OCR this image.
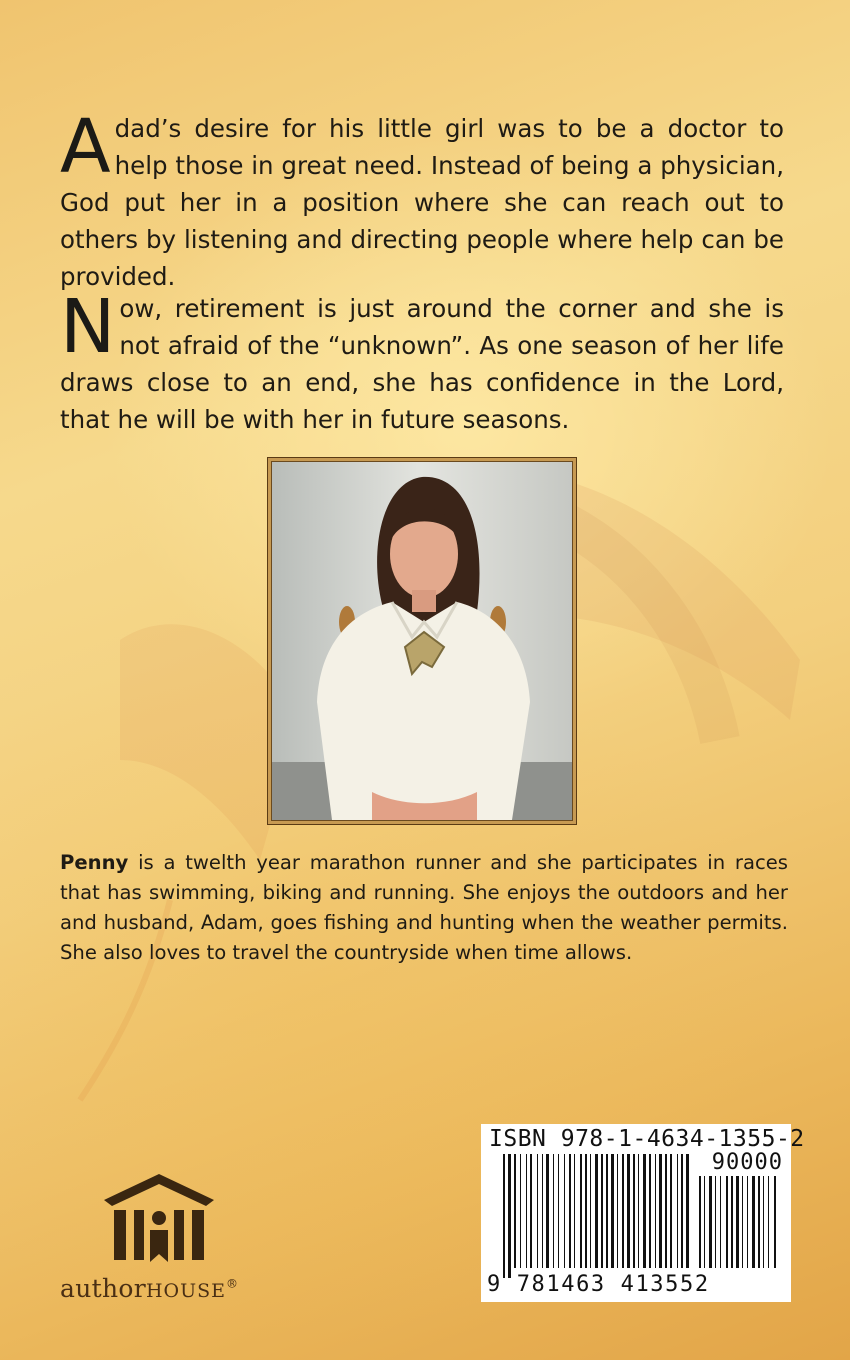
A dad’s desire for his little girl was to be a doctor to help those in great need. Instead of being a physician, God put her in a position where she can reach out to others by listening and directing people where help can be provided.

Now, retirement is just around the corner and she is not afraid of the “unknown”. As one season of her life draws close to an end, she has confidence in the Lord, that he will be with her in future seasons.

Penny is a twelth year marathon runner and she participates in races that has swimming, biking and running. She enjoys the outdoors and her and husband, Adam, goes fishing and hunting when the weather permits. She also loves to travel the countryside when time allows.

ISBN 978-1-4634-1355-2
90000
9 781463 413552
authorHOUSE®
